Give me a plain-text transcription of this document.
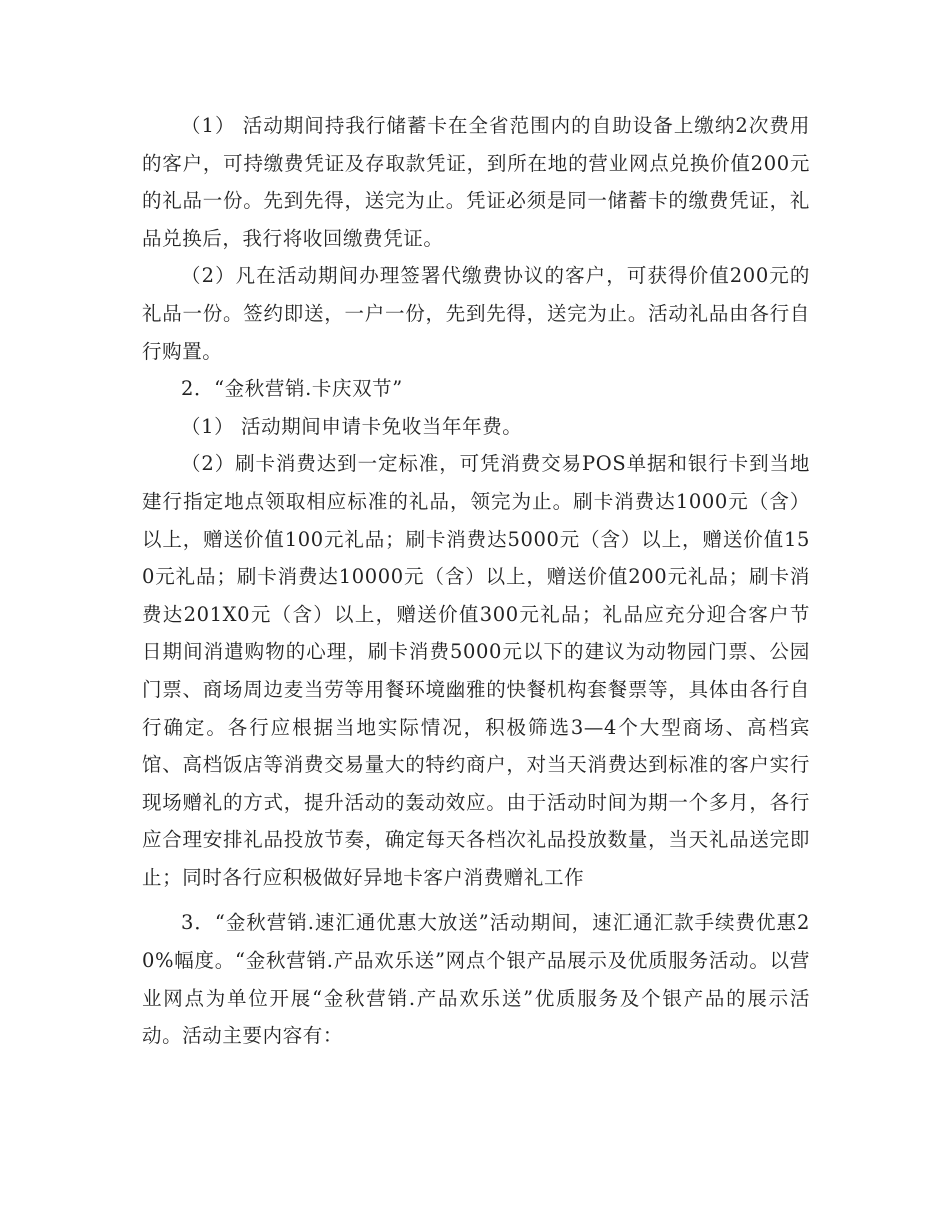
（1） 活动期间持我行储蓄卡在全省范围内的自助设备上缴纳2次费用的客户，可持缴费凭证及存取款凭证，到所在地的营业网点兑换价值200元的礼品一份。先到先得，送完为止。凭证必须是同一储蓄卡的缴费凭证，礼品兑换后，我行将收回缴费凭证。

（2）凡在活动期间办理签署代缴费协议的客户，可获得价值200元的礼品一份。签约即送，一户一份，先到先得，送完为止。活动礼品由各行自行购置。

2．“金秋营销.卡庆双节”

（1） 活动期间申请卡免收当年年费。

（2）刷卡消费达到一定标准，可凭消费交易POS单据和银行卡到当地建行指定地点领取相应标准的礼品，领完为止。刷卡消费达1000元（含）以上，赠送价值100元礼品；刷卡消费达5000元（含）以上，赠送价值150元礼品；刷卡消费达10000元（含）以上，赠送价值200元礼品；刷卡消费达201X0元（含）以上，赠送价值300元礼品；礼品应充分迎合客户节日期间消遣购物的心理，刷卡消费5000元以下的建议为动物园门票、公园门票、商场周边麦当劳等用餐环境幽雅的快餐机构套餐票等，具体由各行自行确定。各行应根据当地实际情况，积极筛选3—4个大型商场、高档宾馆、高档饭店等消费交易量大的特约商户，对当天消费达到标准的客户实行现场赠礼的方式，提升活动的轰动效应。由于活动时间为期一个多月，各行应合理安排礼品投放节奏，确定每天各档次礼品投放数量，当天礼品送完即止；同时各行应积极做好异地卡客户消费赠礼工作

3．“金秋营销.速汇通优惠大放送”活动期间，速汇通汇款手续费优惠20%幅度。“金秋营销.产品欢乐送”网点个银产品展示及优质服务活动。以营业网点为单位开展“金秋营销.产品欢乐送”优质服务及个银产品的展示活动。活动主要内容有：
